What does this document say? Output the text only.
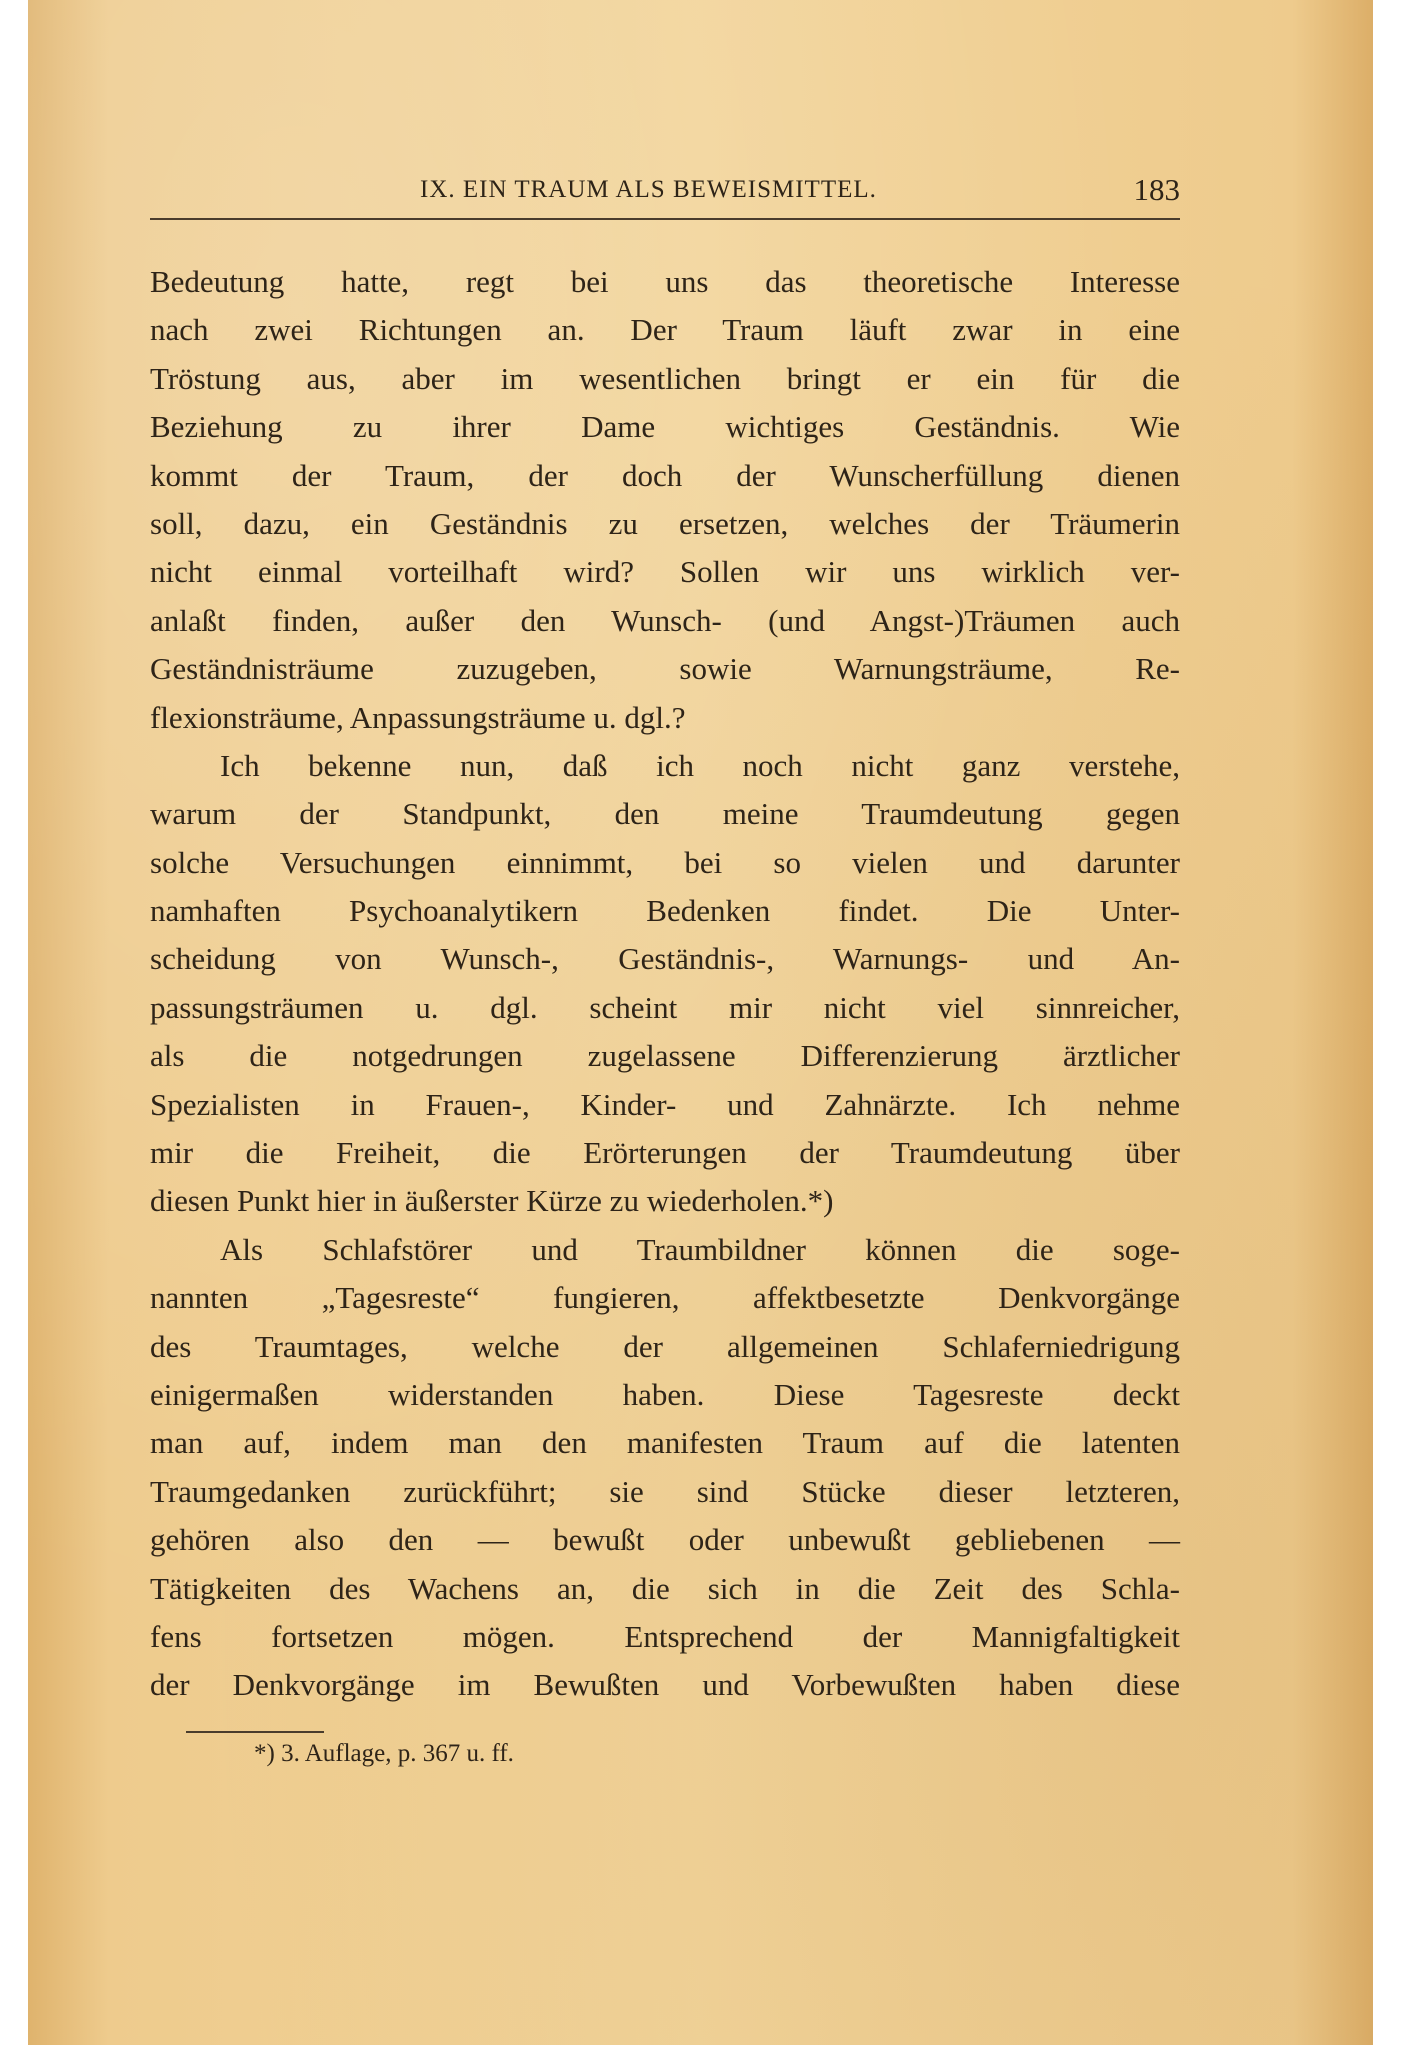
IX. EIN TRAUM ALS BEWEISMITTEL.	183
Bedeutung hatte, regt bei uns das theoretische Interesse
nach zwei Richtungen an. Der Traum läuft zwar in eine
Tröstung aus, aber im wesentlichen bringt er ein für die
Beziehung zu ihrer Dame wichtiges Geständnis. Wie
kommt der Traum, der doch der Wunscherfüllung dienen
soll, dazu, ein Geständnis zu ersetzen, welches der Träumerin
nicht einmal vorteilhaft wird? Sollen wir uns wirklich ver-
anlaßt finden, außer den Wunsch- (und Angst-)Träumen auch
Geständnisträume zuzugeben, sowie Warnungsträume, Re-
flexionsträume, Anpassungsträume u. dgl.?
Ich bekenne nun, daß ich noch nicht ganz verstehe,
warum der Standpunkt, den meine Traumdeutung gegen
solche Versuchungen einnimmt, bei so vielen und darunter
namhaften Psychoanalytikern Bedenken findet. Die Unter-
scheidung von Wunsch-, Geständnis-, Warnungs- und An-
passungsträumen u. dgl. scheint mir nicht viel sinnreicher,
als die notgedrungen zugelassene Differenzierung ärztlicher
Spezialisten in Frauen-, Kinder- und Zahnärzte. Ich nehme
mir die Freiheit, die Erörterungen der Traumdeutung über
diesen Punkt hier in äußerster Kürze zu wiederholen.*)
Als Schlafstörer und Traumbildner können die soge-
nannten „Tagesreste“ fungieren, affektbesetzte Denkvorgänge
des Traumtages, welche der allgemeinen Schlaferniedrigung
einigermaßen widerstanden haben. Diese Tagesreste deckt
man auf, indem man den manifesten Traum auf die latenten
Traumgedanken zurückführt; sie sind Stücke dieser letzteren,
gehören also den — bewußt oder unbewußt gebliebenen —
Tätigkeiten des Wachens an, die sich in die Zeit des Schla-
fens fortsetzen mögen. Entsprechend der Mannigfaltigkeit
der Denkvorgänge im Bewußten und Vorbewußten haben diese
*) 3. Auflage, p. 367 u. ff.
